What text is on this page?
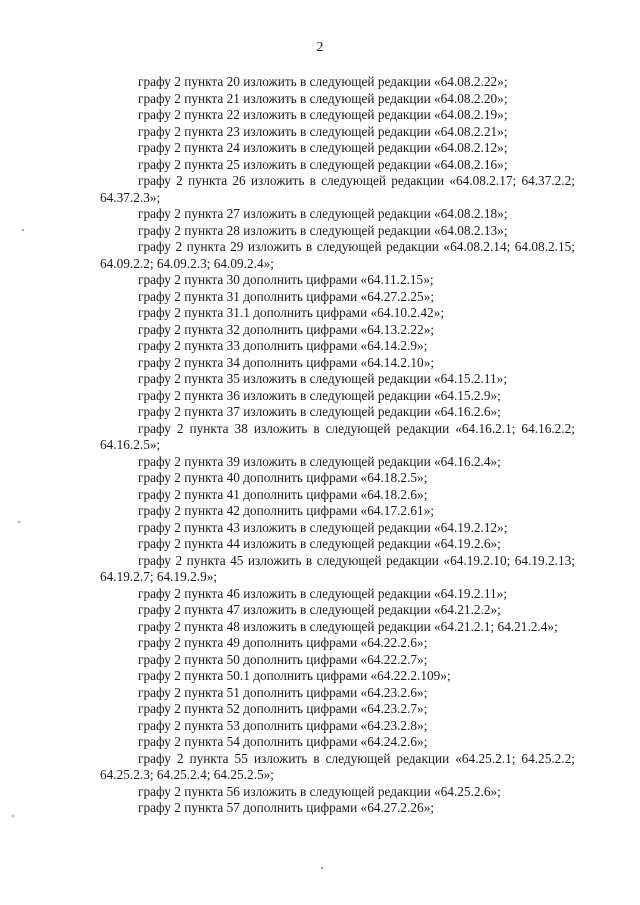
2

графу 2 пункта 20 изложить в следующей редакции «64.08.2.22»;

графу 2 пункта 21 изложить в следующей редакции «64.08.2.20»;

графу 2 пункта 22 изложить в следующей редакции «64.08.2.19»;

графу 2 пункта 23 изложить в следующей редакции «64.08.2.21»;

графу 2 пункта 24 изложить в следующей редакции «64.08.2.12»;

графу 2 пункта 25 изложить в следующей редакции «64.08.2.16»;

графу 2 пункта 26 изложить в следующей редакции «64.08.2.17; 64.37.2.2; 64.37.2.3»;

графу 2 пункта 27 изложить в следующей редакции «64.08.2.18»;

графу 2 пункта 28 изложить в следующей редакции «64.08.2.13»;

графу 2 пункта 29 изложить в следующей редакции «64.08.2.14; 64.08.2.15; 64.09.2.2; 64.09.2.3; 64.09.2.4»;

графу 2 пункта 30 дополнить цифрами «64.11.2.15»;

графу 2 пункта 31 дополнить цифрами «64.27.2.25»;

графу 2 пункта 31.1 дополнить цифрами «64.10.2.42»;

графу 2 пункта 32 дополнить цифрами «64.13.2.22»;

графу 2 пункта 33 дополнить цифрами «64.14.2.9»;

графу 2 пункта 34 дополнить цифрами «64.14.2.10»;

графу 2 пункта 35 изложить в следующей редакции «64.15.2.11»;

графу 2 пункта 36 изложить в следующей редакции «64.15.2.9»;

графу 2 пункта 37 изложить в следующей редакции «64.16.2.6»;

графу 2 пункта 38 изложить в следующей редакции «64.16.2.1; 64.16.2.2; 64.16.2.5»;

графу 2 пункта 39 изложить в следующей редакции «64.16.2.4»;

графу 2 пункта 40 дополнить цифрами «64.18.2.5»;

графу 2 пункта 41 дополнить цифрами «64.18.2.6»;

графу 2 пункта 42 дополнить цифрами «64.17.2.61»;

графу 2 пункта 43 изложить в следующей редакции «64.19.2.12»;

графу 2 пункта 44 изложить в следующей редакции «64.19.2.6»;

графу 2 пункта 45 изложить в следующей редакции «64.19.2.10; 64.19.2.13; 64.19.2.7; 64.19.2.9»;

графу 2 пункта 46 изложить в следующей редакции «64.19.2.11»;

графу 2 пункта 47 изложить в следующей редакции «64.21.2.2»;

графу 2 пункта 48 изложить в следующей редакции «64.21.2.1; 64.21.2.4»;

графу 2 пункта 49 дополнить цифрами «64.22.2.6»;

графу 2 пункта 50 дополнить цифрами «64.22.2.7»;

графу 2 пункта 50.1 дополнить цифрами «64.22.2.109»;

графу 2 пункта 51 дополнить цифрами «64.23.2.6»;

графу 2 пункта 52 дополнить цифрами «64.23.2.7»;

графу 2 пункта 53 дополнить цифрами «64.23.2.8»;

графу 2 пункта 54 дополнить цифрами «64.24.2.6»;

графу 2 пункта 55 изложить в следующей редакции «64.25.2.1; 64.25.2.2; 64.25.2.3; 64.25.2.4; 64.25.2.5»;

графу 2 пункта 56 изложить в следующей редакции «64.25.2.6»;

графу 2 пункта 57 дополнить цифрами «64.27.2.26»;
